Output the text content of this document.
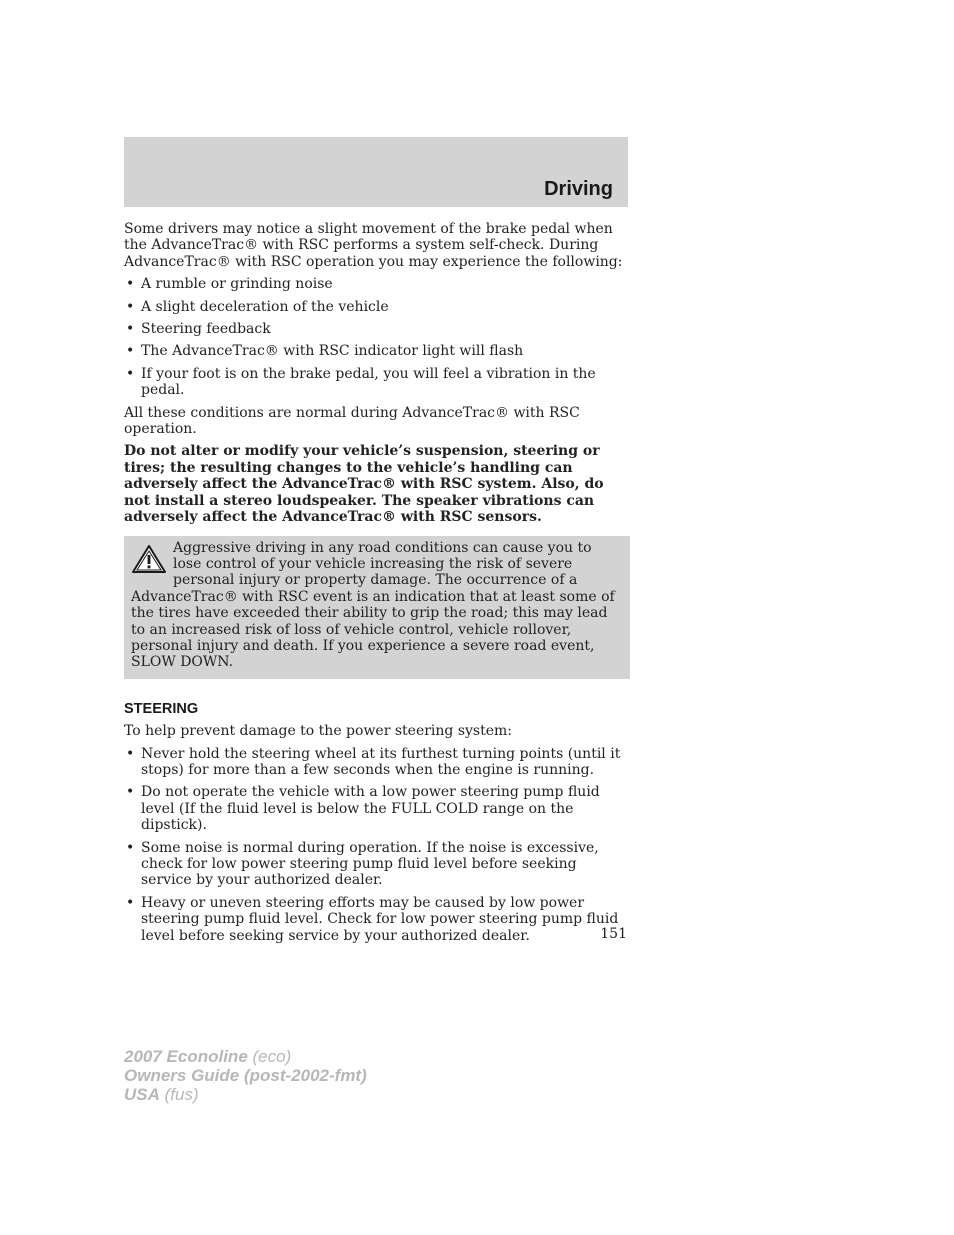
Driving

Some drivers may notice a slight movement of the brake pedal when the AdvanceTrac® with RSC performs a system self-check. During AdvanceTrac® with RSC operation you may experience the following:

• A rumble or grinding noise
• A slight deceleration of the vehicle
• Steering feedback
• The AdvanceTrac® with RSC indicator light will flash
• If your foot is on the brake pedal, you will feel a vibration in the pedal.

All these conditions are normal during AdvanceTrac® with RSC operation.

Do not alter or modify your vehicle’s suspension, steering or tires; the resulting changes to the vehicle’s handling can adversely affect the AdvanceTrac® with RSC system. Also, do not install a stereo loudspeaker. The speaker vibrations can adversely affect the AdvanceTrac® with RSC sensors.

Aggressive driving in any road conditions can cause you to lose control of your vehicle increasing the risk of severe personal injury or property damage. The occurrence of a AdvanceTrac® with RSC event is an indication that at least some of the tires have exceeded their ability to grip the road; this may lead to an increased risk of loss of vehicle control, vehicle rollover, personal injury and death. If you experience a severe road event, SLOW DOWN.
STEERING

To help prevent damage to the power steering system:

• Never hold the steering wheel at its furthest turning points (until it stops) for more than a few seconds when the engine is running.
• Do not operate the vehicle with a low power steering pump fluid level (If the fluid level is below the FULL COLD range on the dipstick).
• Some noise is normal during operation. If the noise is excessive, check for low power steering pump fluid level before seeking service by your authorized dealer.
• Heavy or uneven steering efforts may be caused by low power steering pump fluid level. Check for low power steering pump fluid level before seeking service by your authorized dealer.	151
2007 Econoline (eco)
Owners Guide (post-2002-fmt)
USA (fus)
